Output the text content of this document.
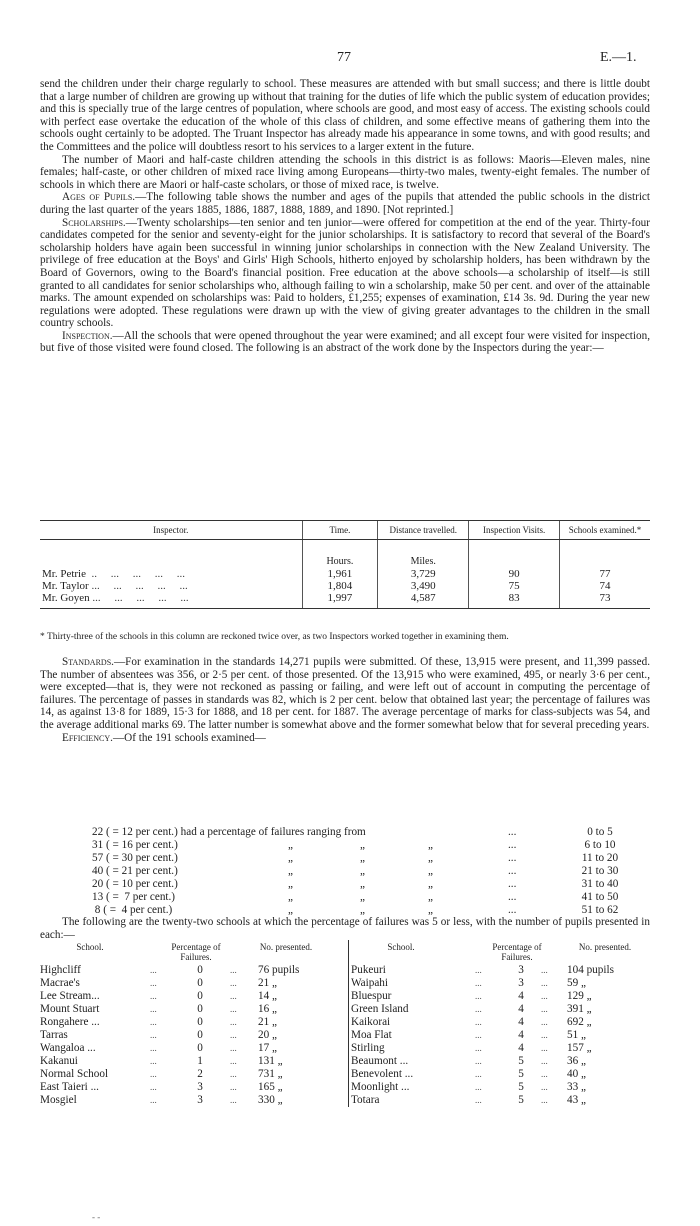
77	E.—1.

send the children under their charge regularly to school. These measures are attended with but small success; and there is little doubt that a large number of children are growing up without that training for the duties of life which the public system of education provides; and this is specially true of the large centres of population, where schools are good, and most easy of access. The existing schools could with perfect ease overtake the education of the whole of this class of children, and some effective means of gathering them into the schools ought certainly to be adopted. The Truant Inspector has already made his appearance in some towns, and with good results; and the Committees and the police will doubtless resort to his services to a larger extent in the future.

The number of Maori and half-caste children attending the schools in this district is as follows: Maoris—Eleven males, nine females; half-caste, or other children of mixed race living among Europeans—thirty-two males, twenty-eight females. The number of schools in which there are Maori or half-caste scholars, or those of mixed race, is twelve.

Ages of Pupils.—The following table shows the number and ages of the pupils that attended the public schools in the district during the last quarter of the years 1885, 1886, 1887, 1888, 1889, and 1890. [Not reprinted.]

Scholarships.—Twenty scholarships—ten senior and ten junior—were offered for competition at the end of the year. Thirty-four candidates competed for the senior and seventy-eight for the junior scholarships. It is satisfactory to record that several of the Board's scholarship holders have again been successful in winning junior scholarships in connection with the New Zealand University. The privilege of free education at the Boys' and Girls' High Schools, hitherto enjoyed by scholarship holders, has been withdrawn by the Board of Governors, owing to the Board's financial position. Free education at the above schools—a scholarship of itself—is still granted to all candidates for senior scholarships who, although failing to win a scholarship, make 50 per cent. and over of the attainable marks. The amount expended on scholarships was: Paid to holders, £1,255; expenses of examination, £14 3s. 9d. During the year new regulations were adopted. These regulations were drawn up with the view of giving greater advantages to the children in the small country schools.

Inspection.—All the schools that were opened throughout the year were examined; and all except four were visited for inspection, but five of those visited were found closed. The following is an abstract of the work done by the Inspectors during the year:—

Inspector.	Time.	Distance travelled.	Inspection Visits.	Schools examined.*

	Hours.	Miles.		
Mr. Petrie  ..     ...     ...     ...     ...	1,961	3,729	90	77
Mr. Taylor ...     ...     ...     ...     ...	1,804	3,490	75	74
Mr. Goyen ...     ...     ...     ...     ...	1,997	4,587	83	73

* Thirty-three of the schools in this column are reckoned twice over, as two Inspectors worked together in examining them.

Standards.—For examination in the standards 14,271 pupils were submitted. Of these, 13,915 were present, and 11,399 passed. The number of absentees was 356, or 2·5 per cent. of those presented. Of the 13,915 who were examined, 495, or nearly 3·6 per cent., were excepted—that is, they were not reckoned as passing or failing, and were left out of account in computing the percentage of failures. The percentage of passes in standards was 82, which is 2 per cent. below that obtained last year; the percentage of failures was 14, as against 13·8 for 1889, 15·3 for 1888, and 18 per cent. for 1887. The average percentage of marks for class-subjects was 54, and the average additional marks 69. The latter number is somewhat above and the former somewhat below that for several preceding years.

Efficiency.—Of the 191 schools examined—

22 ( = 12 per cent.) had a percentage of failures ranging from	...	0 to 5
31 ( = 16 per cent.)	„	„	„	...	6 to 10
57 ( = 30 per cent.)	„	„	„	...	11 to 20
40 ( = 21 per cent.)	„	„	„	...	21 to 30
20 ( = 10 per cent.)	„	„	„	...	31 to 40
13 ( =  7 per cent.)	„	„	„	...	41 to 50
8 ( =  4 per cent.)	„	„	„	...	51 to 62

The following are the twenty-two schools at which the percentage of failures was 5 or less, with the number of pupils presented in each:—

School.	Percentage of Failures.
No. presented.
Highcliff	...	0	... 76 pupils
Macrae's	...	0	... 21 „
Lee Stream...	...	0	... 14 „
Mount Stuart	...	0	... 16 „
Rongahere ...	...	0	... 21 „
Tarras	...	0	... 20 „
Wangaloa ...	...	0	... 17 „
Kakanui	...	1	... 131 „
Normal School	...	2	... 731 „
East Taieri ...	...	3	... 165 „
Mosgiel	...	3	... 330 „
School.	Percentage of Failures.
No. presented.
Pukeuri	...	3	... 104 pupils
Waipahi	...	3	... 59 „
Bluespur	...	4	... 129 „
Green Island	...	4	... 391 „
Kaikorai	...	4	... 692 „
Moa Flat	...	4	... 51 „
Stirling	...	4	... 157 „
Beaumont ...	...	5	... 36 „
Benevolent ...	...	5	... 40 „
Moonlight ...	...	5	... 33 „
Totara	...	5	... 43 „
- -
